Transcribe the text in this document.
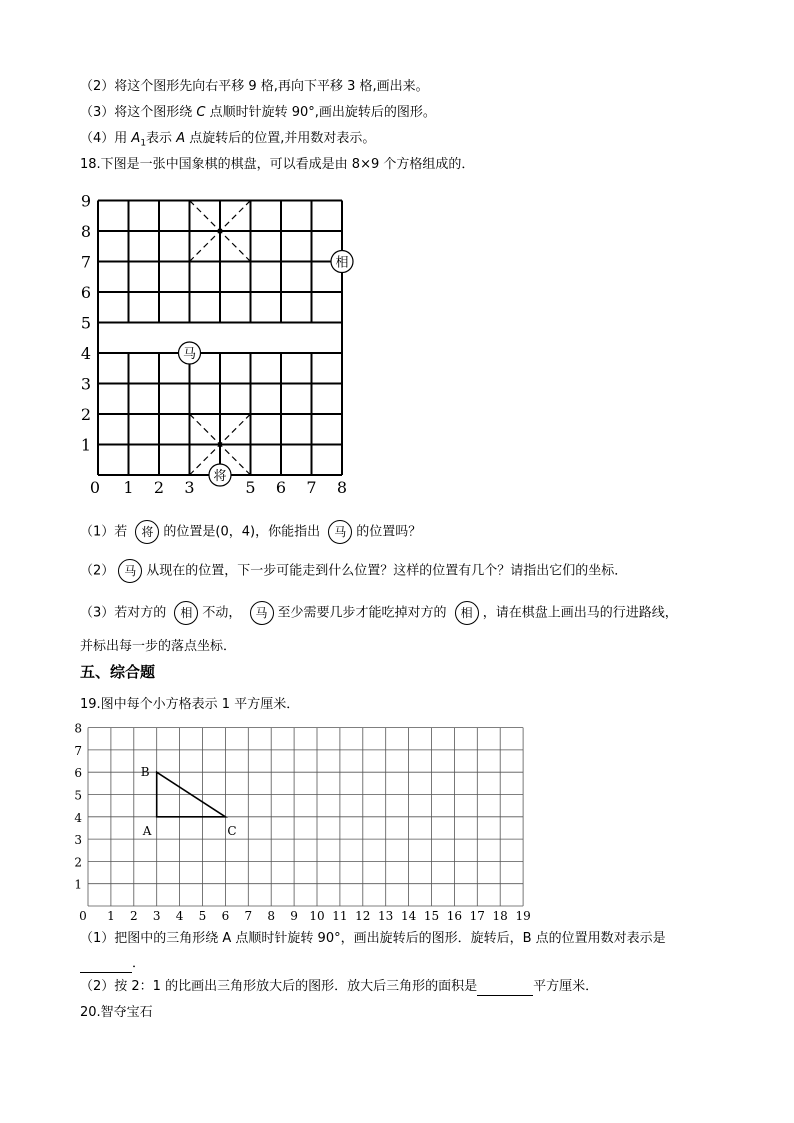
（2）将这个图形先向右平移 9 格,再向下平移 3 格,画出来。
（3）将这个图形绕 C 点顺时针旋转 90°,画出旋转后的图形。
（4）用 $A_1$表示 A 点旋转后的位置,并用数对表示。
18.下图是一张中国象棋的棋盘，可以看成是由 8×9 个方格组成的．
0 1 2 3	5 6 7 8
1
2
3
4
5
6
7
8
9
相
马
将
（1）若 将 的位置是(0，4)，你能指出 马 的位置吗？
（2） 马 从现在的位置，下一步可能走到什么位置？这样的位置有几个？请指出它们的坐标．
（3）若对方的 相 不动， 马 至少需要几步才能吃掉对方的 相 ，请在棋盘上画出马的行进路线，
并标出每一步的落点坐标．
五、综合题
19.图中每个小方格表示 1 平方厘米．
0 1 2 3 4 5 6 7 8 9 10 11 12 13 14 15 16 17 18 19
1
2
3
4
5
6
7
8
A
B
C
（1）把图中的三角形绕 A 点顺时针旋转 90°，画出旋转后的图形．旋转后，B 点的位置用数对表示是
．
（2）按 2：1 的比画出三角形放大后的图形．放大后三角形的面积是	平方厘米．
20.智夺宝石
